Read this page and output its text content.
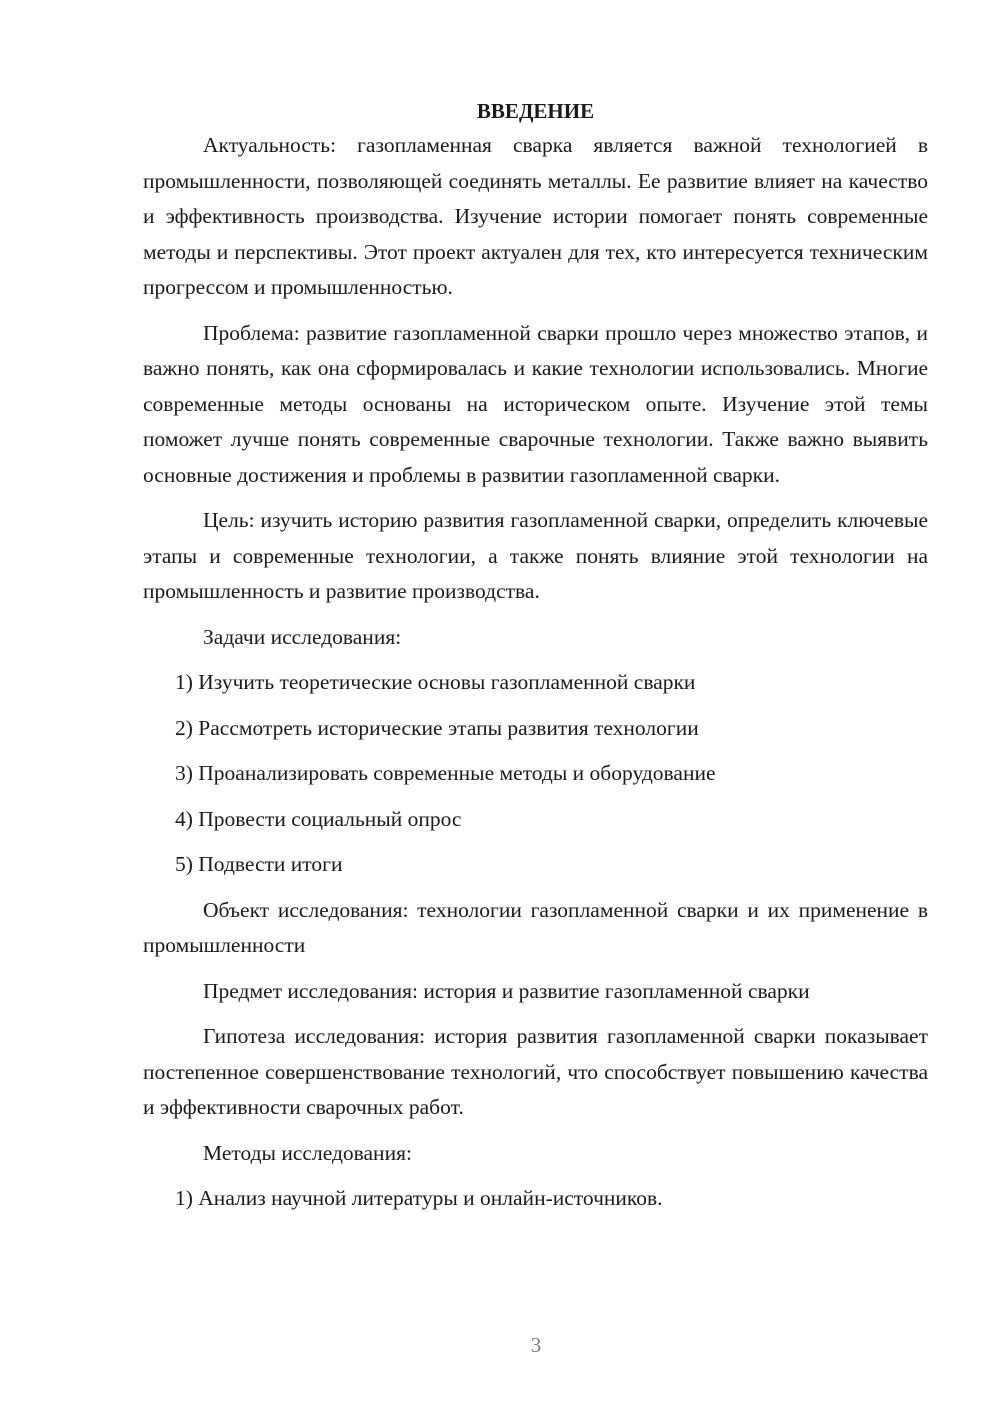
ВВЕДЕНИЕ

Актуальность: газопламенная сварка является важной технологией в промышленности, позволяющей соединять металлы. Ее развитие влияет на качество и эффективность производства. Изучение истории помогает понять современные методы и перспективы. Этот проект актуален для тех, кто интересуется техническим прогрессом и промышленностью.

Проблема: развитие газопламенной сварки прошло через множество этапов, и важно понять, как она сформировалась и какие технологии использовались. Многие современные методы основаны на историческом опыте. Изучение этой темы поможет лучше понять современные сварочные технологии. Также важно выявить основные достижения и проблемы в развитии газопламенной сварки.

Цель: изучить историю развития газопламенной сварки, определить ключевые этапы и современные технологии, а также понять влияние этой технологии на промышленность и развитие производства.

Задачи исследования:

1) Изучить теоретические основы газопламенной сварки

2) Рассмотреть исторические этапы развития технологии

3) Проанализировать современные методы и оборудование

4) Провести социальный опрос

5) Подвести итоги

Объект исследования: технологии газопламенной сварки и их применение в промышленности

Предмет исследования: история и развитие газопламенной сварки

Гипотеза исследования: история развития газопламенной сварки показывает постепенное совершенствование технологий, что способствует повышению качества и эффективности сварочных работ.

Методы исследования:

1) Анализ научной литературы и онлайн-источников.

3
